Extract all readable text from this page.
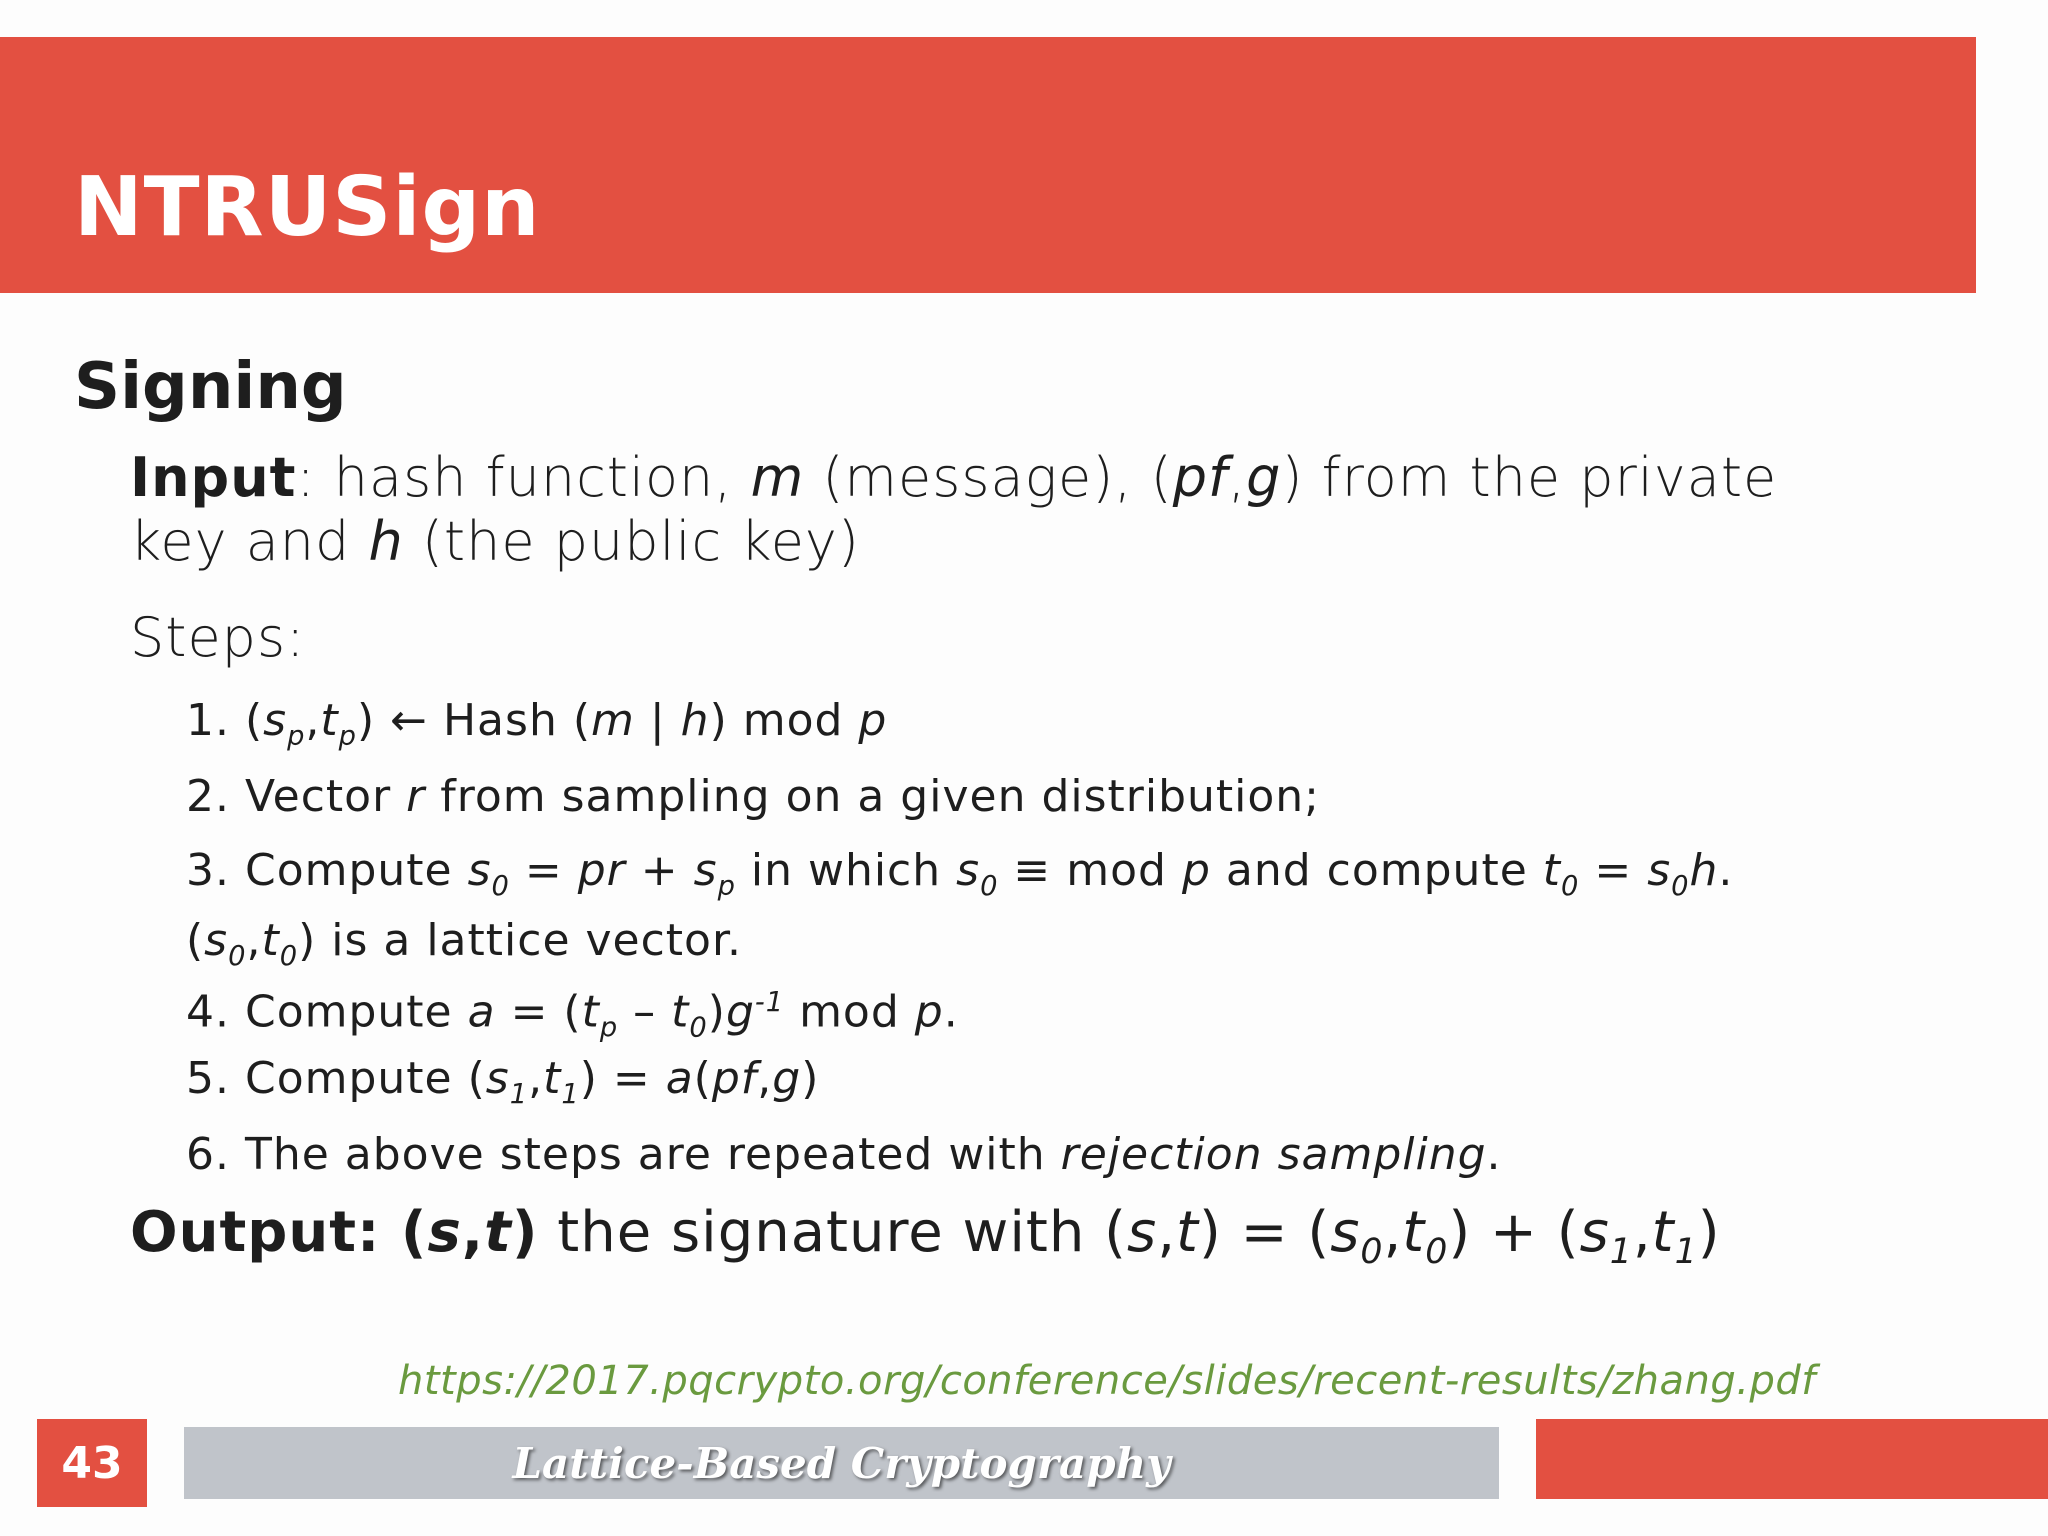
NTRUSign
Signing
Input: hash function, m (message), (pf,g) from the private key and h (the public key)
Steps:
1. $(s_p,t_p)$ ← Hash (m | h) mod p
2. Vector r from sampling on a given distribution;
3. Compute $s_0$ = pr + $s_p$ in which $s_0$ ≡ mod p and compute $t_0 = s_0h$.
$(s_0,t_0)$ is a lattice vector.
4. Compute $a = (t_p - t_0)g^{-1}$ mod p.
5. Compute $(s_1,t_1) = a(pf,g)$
6. The above steps are repeated with rejection sampling.
Output: (s,t) the signature with $(s,t) = (s_0,t_0) + (s_1,t_1)$
https://2017.pqcrypto.org/conference/slides/recent-results/zhang.pdf
43	Lattice-Based Cryptography
